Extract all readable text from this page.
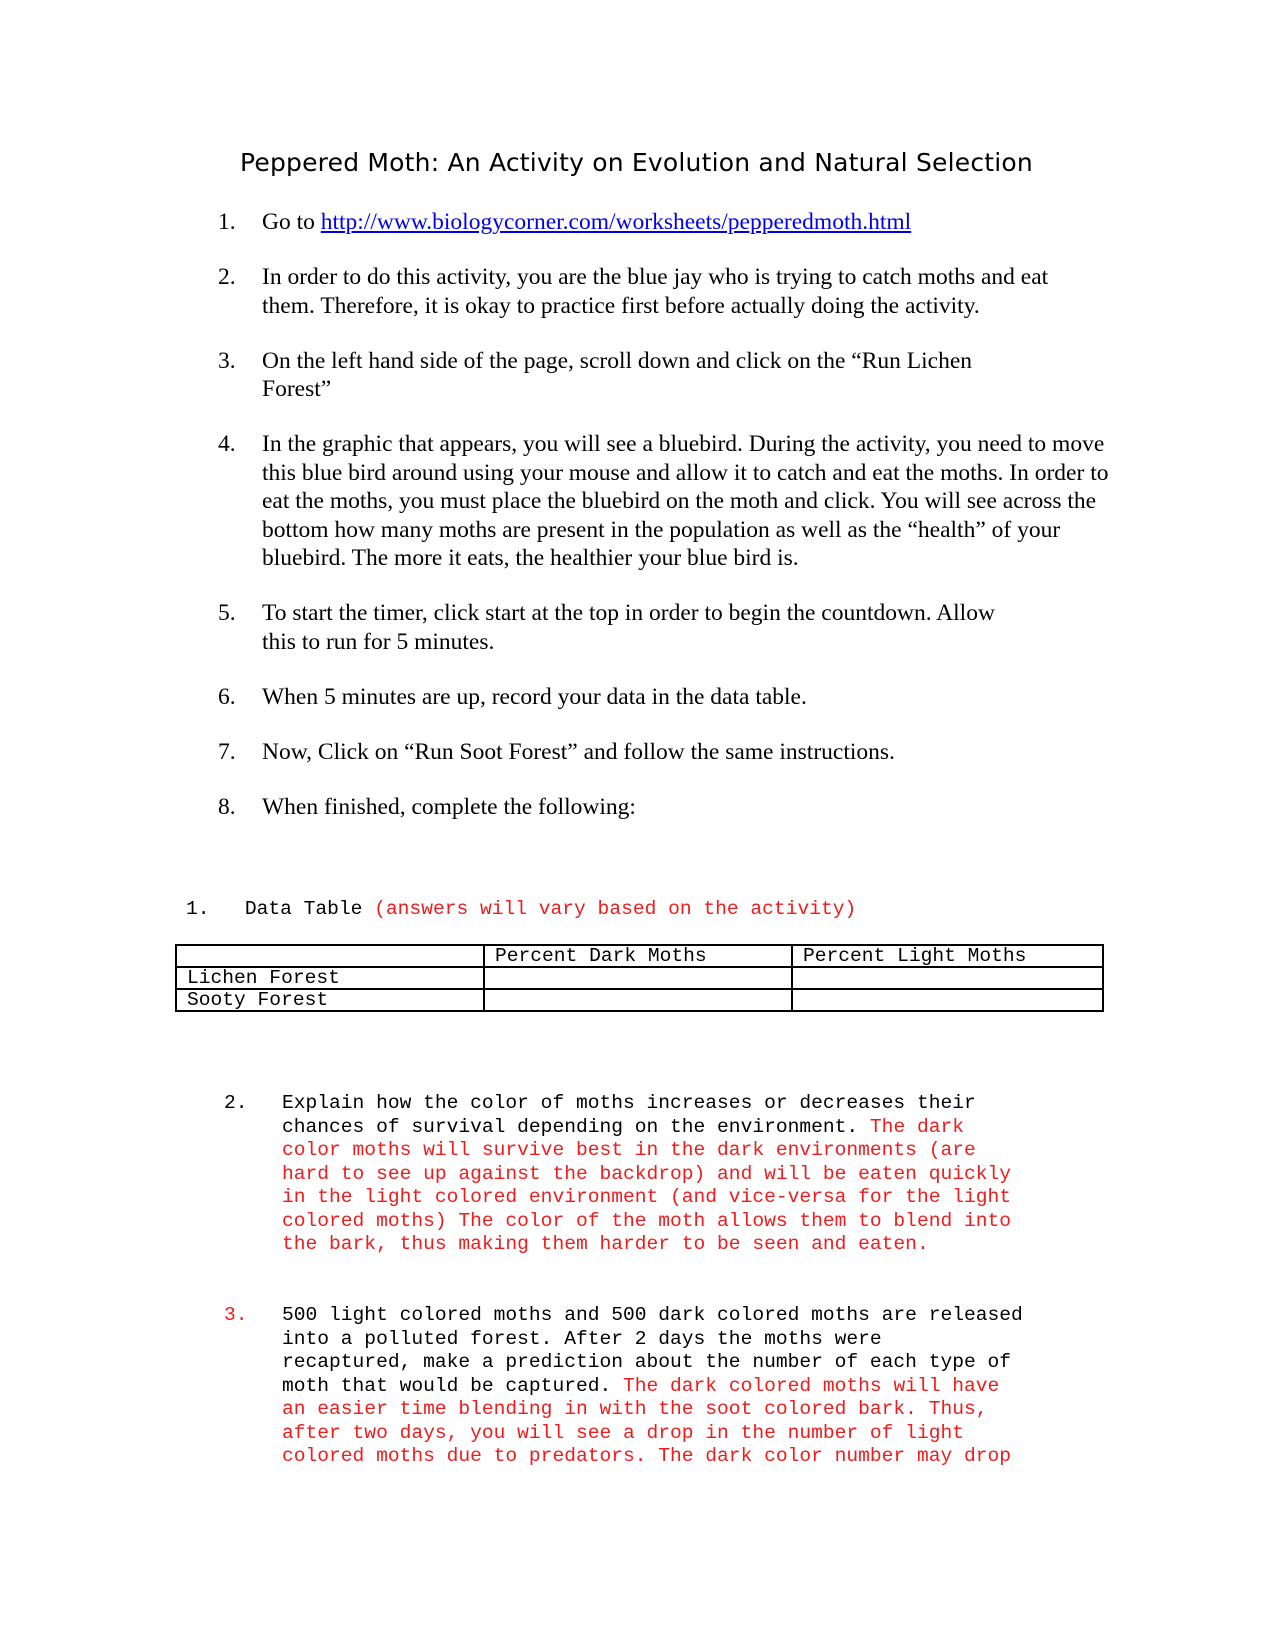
Peppered Moth: An Activity on Evolution and Natural Selection
1.	Go to http://www.biologycorner.com/worksheets/pepperedmoth.html
2.	In order to do this activity, you are the blue jay who is trying to catch moths and eat them. Therefore, it is okay to practice first before actually doing the activity.
3.	On the left hand side of the page, scroll down and click on the “Run Lichen Forest”
4.	In the graphic that appears, you will see a bluebird. During the activity, you need to move this blue bird around using your mouse and allow it to catch and eat the moths. In order to eat the moths, you must place the bluebird on the moth and click. You will see across the bottom how many moths are present in the population as well as the “health” of your bluebird. The more it eats, the healthier your blue bird is.
5.	To start the timer, click start at the top in order to begin the countdown. Allow this to run for 5 minutes.
6.	When 5 minutes are up, record your data in the data table.
7.	Now, Click on “Run Soot Forest” and follow the same instructions.
8.	When finished, complete the following:
1. Data Table (answers will vary based on the activity)
	Percent Dark Moths	Percent Light Moths
Lichen Forest		
Sooty Forest		
2.	Explain how the color of moths increases or decreases their
chances of survival depending on the environment. The dark
color moths will survive best in the dark environments (are
hard to see up against the backdrop) and will be eaten quickly
in the light colored environment (and vice-versa for the light
colored moths) The color of the moth allows them to blend into
the bark, thus making them harder to be seen and eaten.
3.	500 light colored moths and 500 dark colored moths are released
into a polluted forest. After 2 days the moths were
recaptured, make a prediction about the number of each type of
moth that would be captured. The dark colored moths will have
an easier time blending in with the soot colored bark. Thus,
after two days, you will see a drop in the number of light
colored moths due to predators. The dark color number may drop
